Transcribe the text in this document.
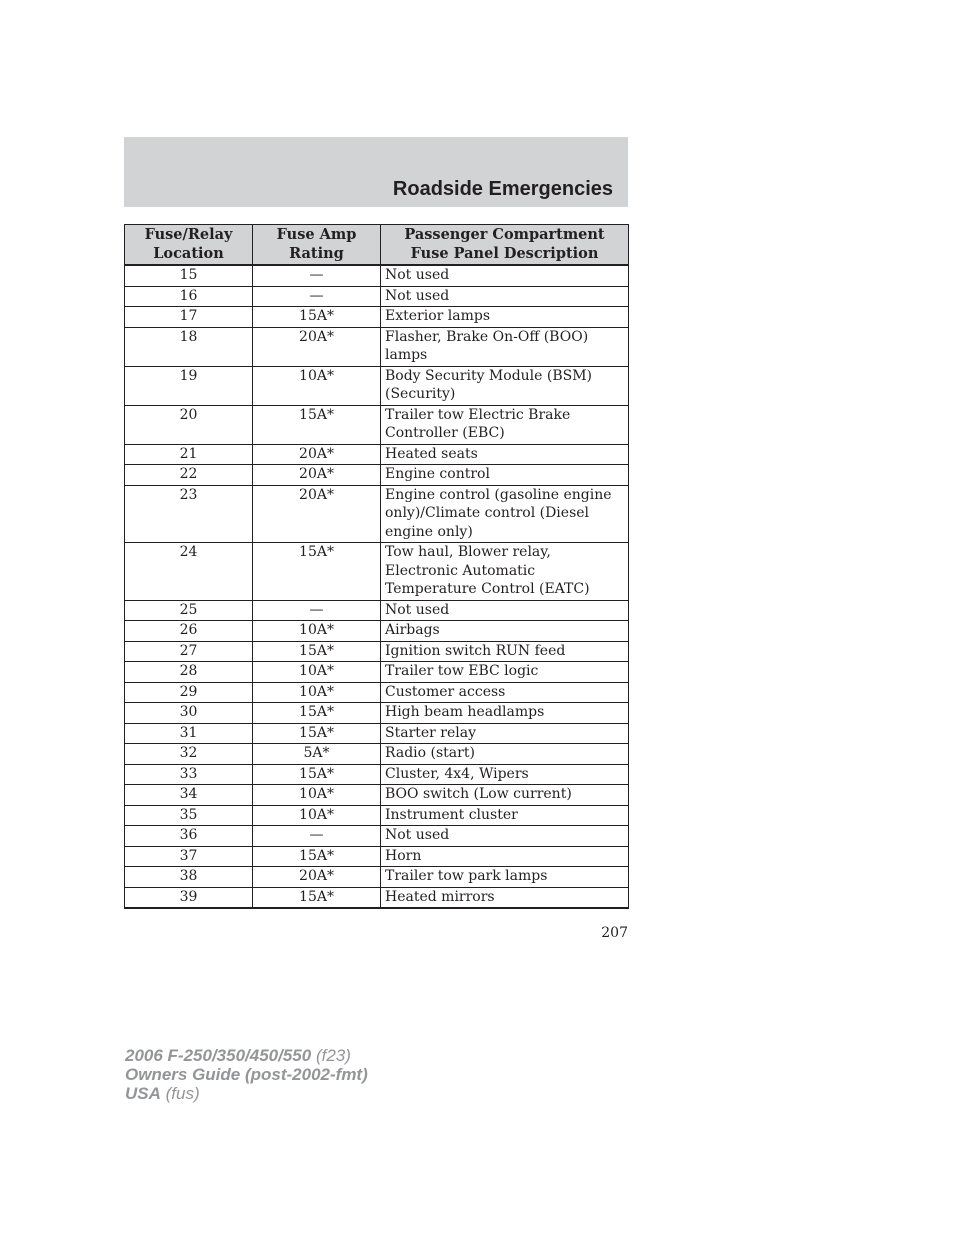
Roadside Emergencies
Fuse/Relay Location	Fuse Amp Rating	Passenger Compartment Fuse Panel Description
15	—	Not used
16	—	Not used
17	15A*	Exterior lamps
18	20A*	Flasher, Brake On-Off (BOO) lamps
19	10A*	Body Security Module (BSM) (Security)
20	15A*	Trailer tow Electric Brake Controller (EBC)
21	20A*	Heated seats
22	20A*	Engine control
23	20A*	Engine control (gasoline engine only)/Climate control (Diesel engine only)
24	15A*	Tow haul, Blower relay, Electronic Automatic Temperature Control (EATC)
25	—	Not used
26	10A*	Airbags
27	15A*	Ignition switch RUN feed
28	10A*	Trailer tow EBC logic
29	10A*	Customer access
30	15A*	High beam headlamps
31	15A*	Starter relay
32	5A*	Radio (start)
33	15A*	Cluster, 4x4, Wipers
34	10A*	BOO switch (Low current)
35	10A*	Instrument cluster
36	—	Not used
37	15A*	Horn
38	20A*	Trailer tow park lamps
39	15A*	Heated mirrors
207
2006 F-250/350/450/550 (f23)
Owners Guide (post-2002-fmt)
USA (fus)
